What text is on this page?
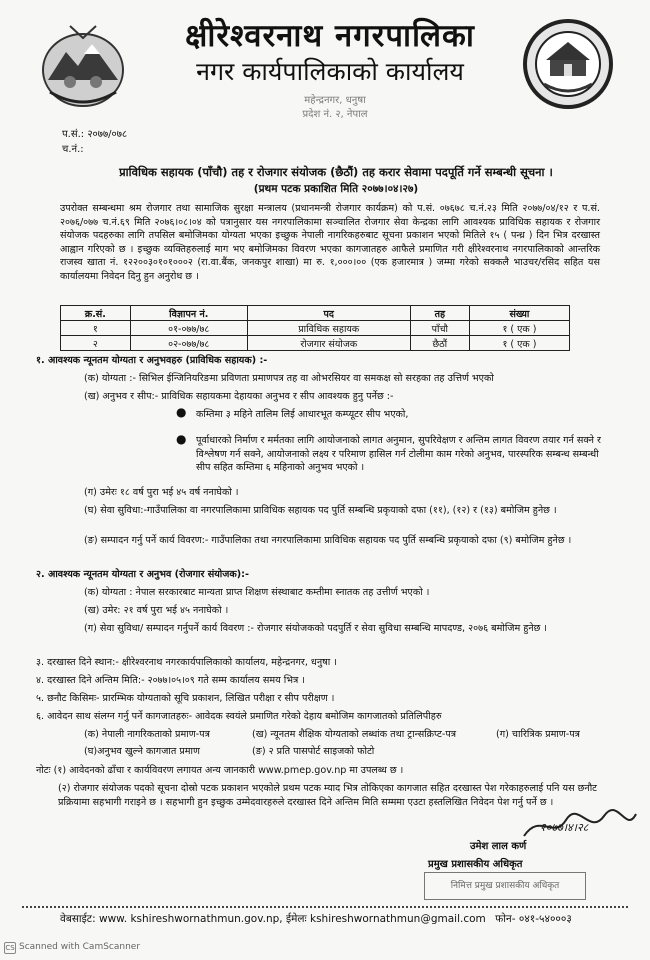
क्षीरेश्वरनाथ नगरपालिका
नगर कार्यपालिकाको कार्यालय
महेन्द्रनगर, धनुषा
प्रदेश नं. २, नेपाल
प.सं.: २०७७/०७८
च.नं.:
प्राविधिक सहायक (पाँचौ) तह र रोजगार संयोजक (छैठौं) तह करार सेवामा पदपूर्ति गर्ने सम्बन्धी सूचना ।
(प्रथम पटक प्रकाशित मिति २०७७।०४।२७)
उपरोक्त सम्बन्धमा श्रम रोजगार तथा सामाजिक सुरक्षा मन्त्रालय (प्रधानमन्त्री रोजगार कार्यक्रम) को प.सं. ०७६७८ च.नं.२३ मिति २०७७/०४/१२ र प.सं. २०७६/०७७ च.नं.६९ मिति २०७६।०८।०४ को पत्रानुसार यस नगरपालिकामा सञ्चालित रोजगार सेवा केन्द्रका लागि आवश्यक प्राविधिक सहायक र रोजगार संयोजक पदहरुका लागि तपसिल बमोजिमका योग्यता भएका इच्छुक नेपाली नागरिकहरुबाट सूचना प्रकाशन भएको मितिले १५ ( पन्ध्र ) दिन भित्र दरखास्त आह्वान गरिएको छ । इच्छुक व्यक्तिहरुलाई माग भए बमोजिमका विवरण भएका कागजातहरु आफैले प्रमाणित गरी क्षीरेश्वरनाथ नगरपालिकाको आन्तरिक राजस्व खाता नं. १२२००३०१०१०००२ (रा.वा.बैंक, जनकपुर शाखा) मा रु. १,०००।०० (एक हजारमात्र ) जम्मा गरेको सक्कलै भाउचर/रसिद सहित यस कार्यालयमा निवेदन दिनु हुन अनुरोध छ ।
क्र.सं.	विज्ञापन नं.	पद	तह	संख्या
१	०१-०७७/७८	प्राविधिक सहायक	पाँचौ	१ ( एक )
२	०२-०७७/७८	रोजगार संयोजक	छैठौं	१ ( एक )
१. आवश्यक न्यूनतम योग्यता र अनुभवहरु (प्राविधिक सहायक) :-
(क) योग्यता :- सिभिल ईन्जिनियरिङमा प्रविणता प्रमाणपत्र तह वा ओभरसियर वा समकक्ष सो सरहका तह उत्तिर्ण भएको
(ख) अनुभव र सीप:- प्राविधिक सहायकमा देहायका अनुभव र सीप आवश्यक हुनु पर्नेछ :-
● कम्तिमा ३ महिने तालिम लिई आधारभूत कम्प्यूटर सीप भएको,
● पूर्वाधारको निर्माण र मर्मतका लागि आयोजनाको लागत अनुमान, सुपरिवेक्षण र अन्तिम लागत विवरण तयार गर्न सक्ने र विश्लेषण गर्न सक्ने, आयोजनाको लक्ष्य र परिमाण हासिल गर्न टोलीमा काम गरेको अनुभव, पारस्परिक सम्बन्ध सम्बन्धी सीप सहित कम्तिमा ६ महिनाको अनुभव भएको ।
(ग) उमेरः १८ वर्ष पुरा भई ४५ वर्ष ननाघेको ।
(घ) सेवा सुविधा:-गाउँपालिका वा नगरपालिकामा प्राविधिक सहायक पद पुर्ति सम्बन्धि प्रकृयाको दफा (११), (१२) र (१३) बमोजिम हुनेछ ।
(ङ) सम्पादन गर्नु पर्ने कार्य विवरण:- गाउँपालिका तथा नगरपालिकामा प्राविधिक सहायक पद पुर्ति सम्बन्धि प्रकृयाको दफा (९) बमोजिम हुनेछ ।
२. आवश्यक न्यूनतम योग्यता र अनुभव (रोजगार संयोजक):-
(क) योग्यता : नेपाल सरकारबाट मान्यता प्राप्त शिक्षण संस्थाबाट कम्तीमा स्नातक तह उत्तीर्ण भएको ।
(ख) उमेर: २१ वर्ष पुरा भई ४५ ननाघेको ।
(ग) सेवा सुविधा/ सम्पादन गर्नुपर्ने कार्य विवरण :- रोजगार संयोजकको पदपुर्ति र सेवा सुविधा सम्बन्धि मापदण्ड, २०७६ बमोजिम हुनेछ ।
३. दरखास्त दिने स्थान:- क्षीरेश्वरनाथ नगरकार्यपालिकाको कार्यालय, महेन्द्रनगर, धनुषा ।
४. दरखास्त दिने अन्तिम मिति:- २०७७।०५।०९ गते सम्म कार्यालय समय भित्र ।
५. छनौट किसिमः- प्रारम्भिक योग्यताको सूचि प्रकाशन, लिखित परीक्षा र सीप परीक्षण ।
६. आवेदन साथ संलग्न गर्नु पर्ने कागजातहरुः- आवेदक स्वयंले प्रमाणित गरेको देहाय बमोजिम कागजातको प्रतिलिपीहरु
(क) नेपाली नागरिकताको प्रमाण-पत्र	(ख) न्यूनतम शैक्षिक योग्यताको लब्धांक तथा ट्रान्सक्रिप्ट-पत्र	(ग) चारित्रिक प्रमाण-पत्र
(घ)अनुभव खुल्ने कागजात प्रमाण	(ङ) २ प्रति पासपोर्ट साइजको फोटो
नोटः (१) आवेदनको ढाँचा र कार्यविवरण लगायत अन्य जानकारी www.pmep.gov.np मा उपलब्ध छ ।
(२) रोजगार संयोजक पदको सूचना दोस्रो पटक प्रकाशन भएकोले प्रथम पटक म्याद भित्र तोकिएका कागजात सहित दरखास्त पेश गरेकाहरुलाई पनि यस छनौट प्रक्रियामा सहभागी गराइने छ । सहभागी हुन इच्छुक उम्मेदवारहरुले दरखास्त दिने अन्तिम मिति सम्ममा एउटा हस्तलिखित निवेदन पेश गर्नु पर्ने छ ।
२०७७।४।२८
उमेश लाल कर्ण
प्रमुख प्रशासकीय अधिकृत
निमित्त प्रमुख प्रशासकीय अधिकृत
वेबसाईट: www. kshireshwornathmun.gov.np, ईमेलः kshireshwornathmun@gmail.com फोन- ०४१-५४०००३
CS Scanned with CamScanner
